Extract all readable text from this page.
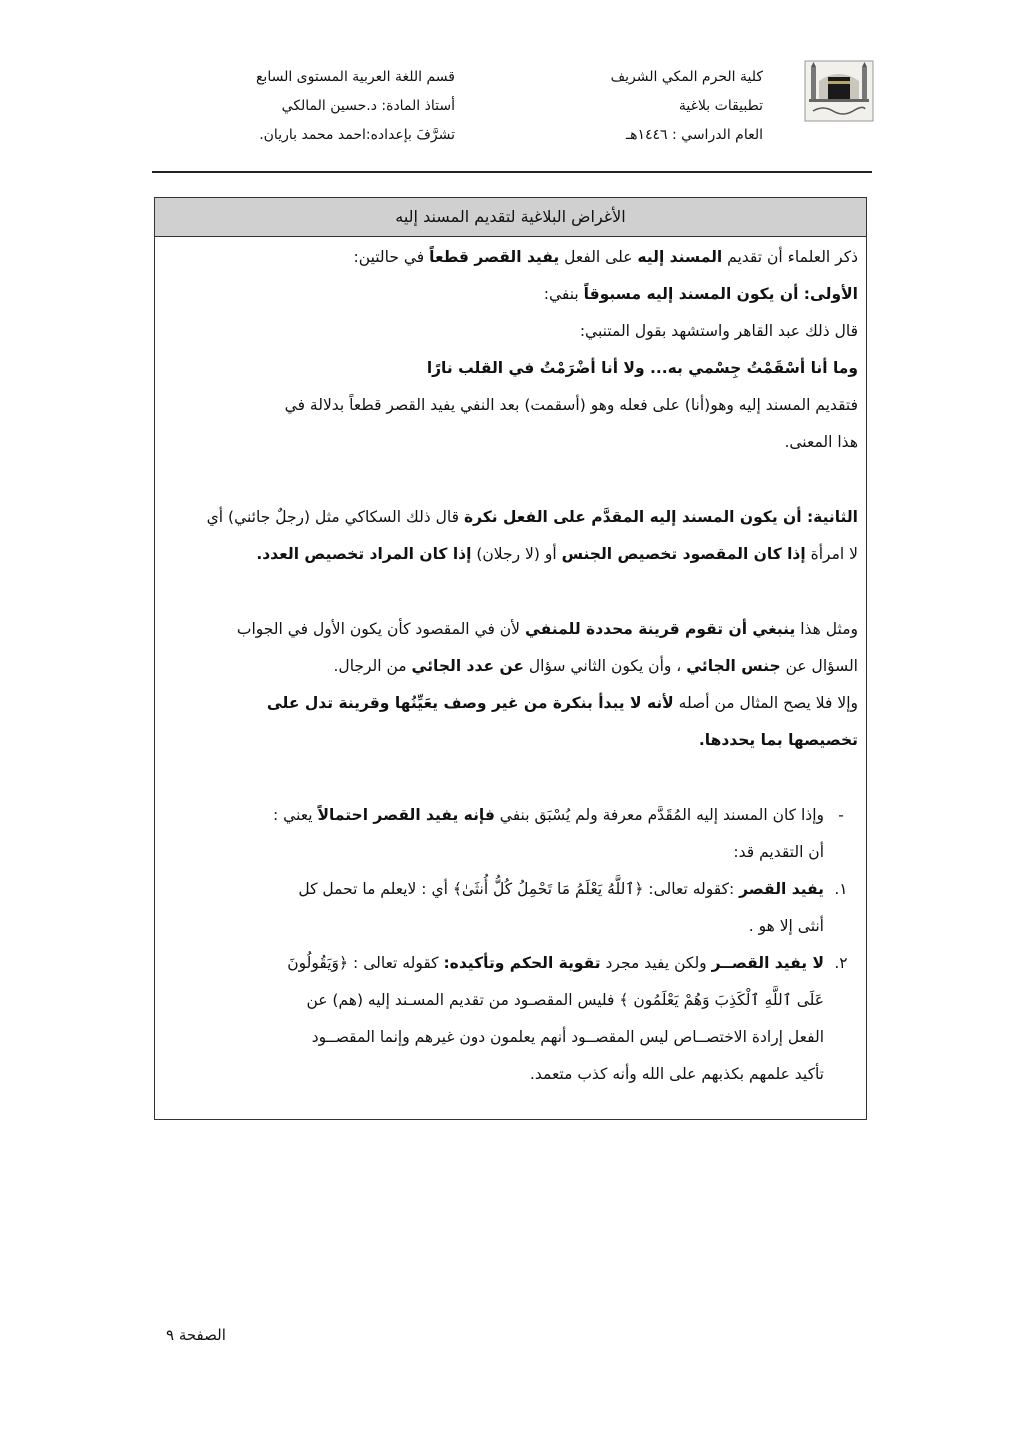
كلية الحرم المكي الشريف
تطبيقات بلاغية
العام الدراسي : ١٤٤٦هـ
قسم اللغة العربية المستوى السابع
أستاذ المادة: د.حسين المالكي
تشرَّفَ بإعداده:احمد محمد باريان.
الأغراض البلاغية لتقديم المسند إليه
ذكر العلماء أن تقديم المسند إليه على الفعل يفيد القصر قطعاً في حالتين:
الأولى: أن يكون المسند إليه مسبوقاً بنفي:
قال ذلك عبد القاهر واستشهد بقول المتنبي:
وما أنا أسْقَمْتُ جِسْمي به... ولا أنا أضْرَمْتُ في القلب نارًا
فتقديم المسند إليه وهو(أنا) على فعله وهو (أسقمت) بعد النفي يفيد القصر قطعاً بدلالة في
هذا المعنى.
الثانية: أن يكون المسند إليه المقدَّم على الفعل نكرة قال ذلك السكاكي مثل (رجلٌ جائني) أي
لا امرأة إذا كان المقصود تخصيص الجنس أو (لا رجلان) إذا كان المراد تخصيص العدد.
ومثل هذا ينبغي أن تقوم قرينة محددة للمنفي لأن في المقصود كأن يكون الأول في الجواب
السؤال عن جنس الجائي ، وأن يكون الثاني سؤال عن عدد الجائي من الرجال.
وإلا فلا يصح المثال من أصله لأنه لا يبدأ بنكرة من غير وصف يعَيِّنُها وقرينة تدل على
تخصيصها بما يحددها.
-
وإذا كان المسند إليه المُقَدَّم معرفة ولم يُسْبَق بنفي فإنه يفيد القصر احتمالاً يعني :
أن التقديم قد:
١.
يفيد القصر :كقوله تعالى: ﴿ٱللَّهُ يَعْلَمُ مَا تَحْمِلُ كُلُّ أُنثَىٰ﴾ أي : لايعلم ما تحمل كل
أنثى إلا هو .
٢.
لا يفيد القصــر ولكن يفيد مجرد تقوية الحكم وتأكيده: كقوله تعالى : ﴿وَيَقُولُونَ
عَلَى ٱللَّهِ ٱلْكَذِبَ وَهُمْ يَعْلَمُون ﴾ فليس المقصـود من تقديم المسـند إليه (هم) عن
الفعل إرادة الاختصــاص ليس المقصــود أنهم يعلمون دون غيرهم وإنما المقصــود
تأكيد علمهم بكذبهم على الله وأنه كذب متعمد.
الصفحة ٩
